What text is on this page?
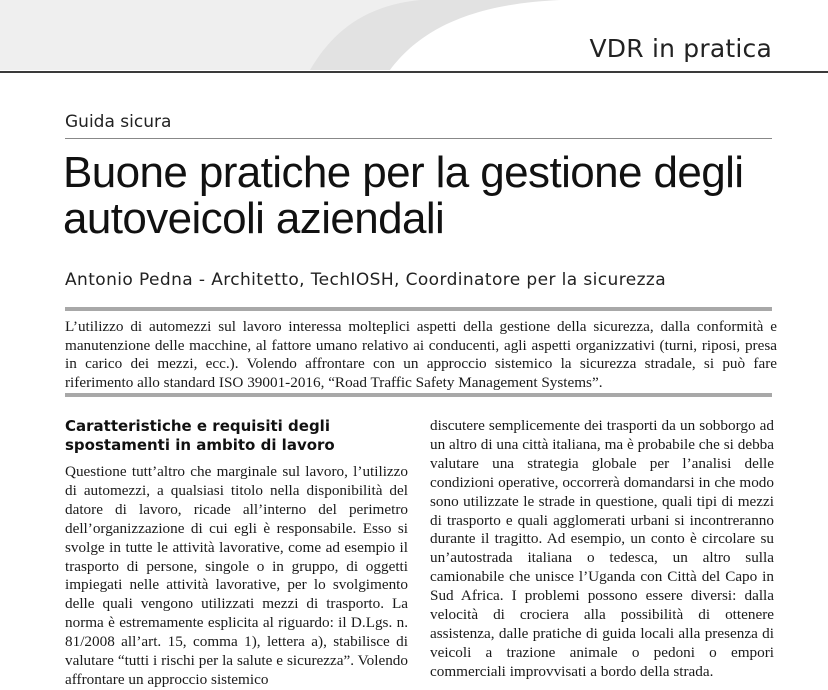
VDR in pratica
Guida sicura
Buone pratiche per la gestione degli autoveicoli aziendali
Antonio Pedna - Architetto, TechIOSH, Coordinatore per la sicurezza

L’utilizzo di automezzi sul lavoro interessa molteplici aspetti della gestione della sicurezza, dalla conformità e manutenzione delle macchine, al fattore umano relativo ai conducenti, agli aspetti organizzativi (turni, riposi, presa in carico dei mezzi, ecc.). Volendo affrontare con un approccio sistemico la sicurezza stradale, si può fare riferimento allo standard ISO 39001-2016, “Road Traffic Safety Management Systems”.

Caratteristiche e requisiti degli spostamenti in ambito di lavoro

Questione tutt’altro che marginale sul lavoro, l’utilizzo di automezzi, a qualsiasi titolo nella disponibilità del datore di lavoro, ricade all’interno del perimetro dell’organizzazione di cui egli è responsabile. Esso si svolge in tutte le attività lavorative, come ad esempio il trasporto di persone, singole o in gruppo, di oggetti impiegati nelle attività lavorative, per lo svolgimento delle quali vengono utilizzati mezzi di trasporto. La norma è estremamente esplicita al riguardo: il D.Lgs. n. 81/2008 all’art. 15, comma 1), lettera a), stabilisce di valutare “tutti i rischi per la salute e sicurezza”. Volendo affrontare un approccio sistemico

discutere semplicemente dei trasporti da un sobborgo ad un altro di una città italiana, ma è probabile che si debba valutare una strategia globale per l’analisi delle condizioni operative, occorrerà domandarsi in che modo sono utilizzate le strade in questione, quali tipi di mezzi di trasporto e quali agglomerati urbani si incontreranno durante il tragitto. Ad esempio, un conto è circolare su un’autostrada italiana o tedesca, un altro sulla camionabile che unisce l’Uganda con Città del Capo in Sud Africa. I problemi possono essere diversi: dalla velocità di crociera alla possibilità di ottenere assistenza, dalle pratiche di guida locali alla presenza di veicoli a trazione animale o pedoni o empori commerciali improvvisati a bordo della strada.
